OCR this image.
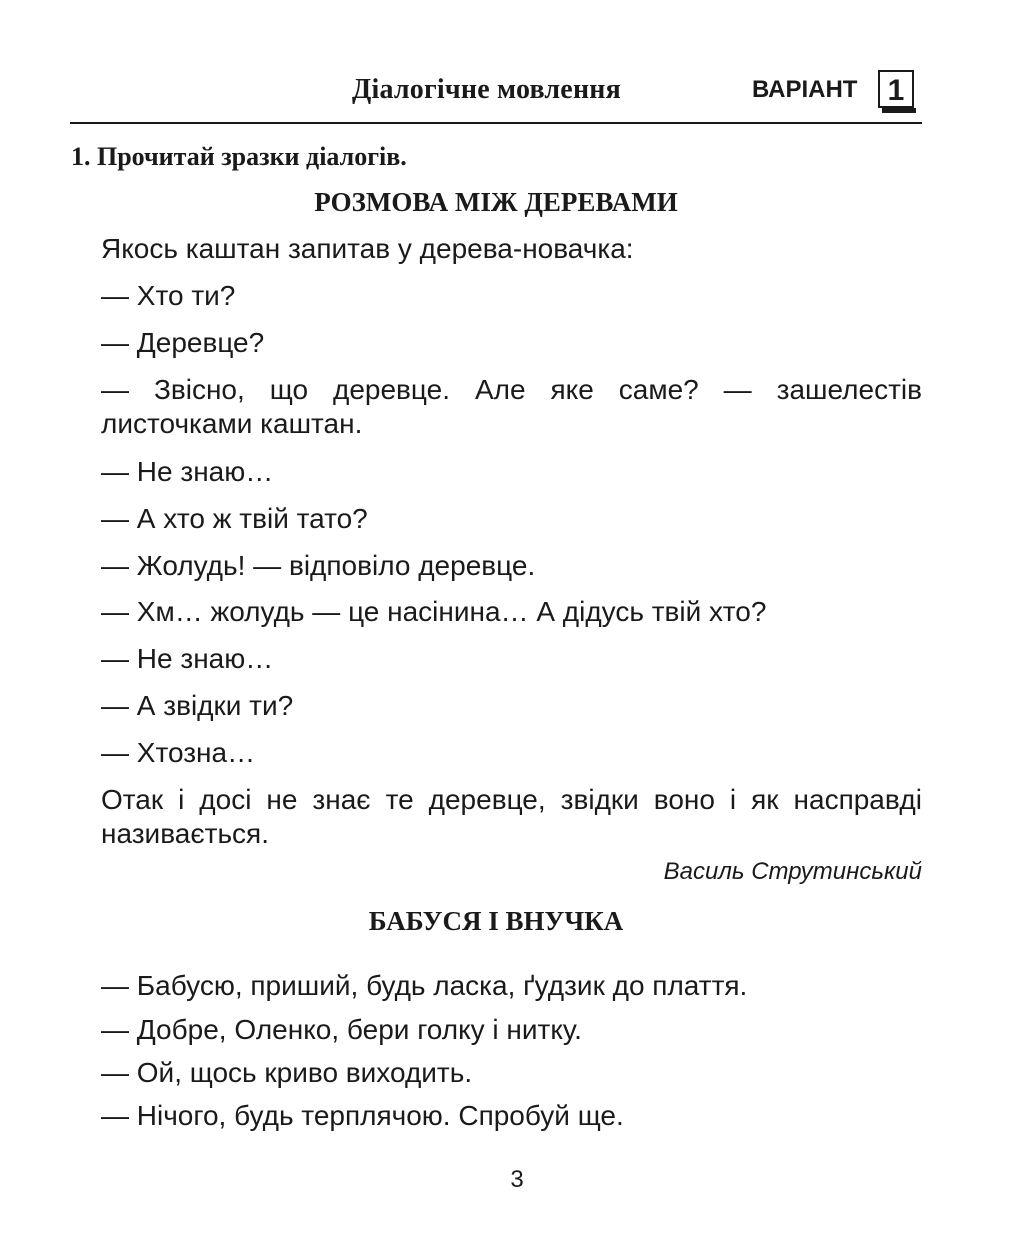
Діалогічне мовлення	ВАРІАНТ	1
1. Прочитай зразки діалогів.
РОЗМОВА МІЖ ДЕРЕВАМИ
Якось каштан запитав у дерева-новачка:
— Хто ти?
— Деревце?
— Звісно, що деревце. Але яке саме? — зашелестів листочками каштан.
— Не знаю…
— А хто ж твій тато?
— Жолудь! — відповіло деревце.
— Хм… жолудь — це насінина… А дідусь твій хто?
— Не знаю…
— А звідки ти?
— Хтозна…
Отак і досі не знає те деревце, звідки воно і як насправді називається.
Василь Струтинський
БАБУСЯ І ВНУЧКА
— Бабусю, приший, будь ласка, ґудзик до плаття.
— Добре, Оленко, бери голку і нитку.
— Ой, щось криво виходить.
— Нічого, будь терплячою. Спробуй ще.
3
